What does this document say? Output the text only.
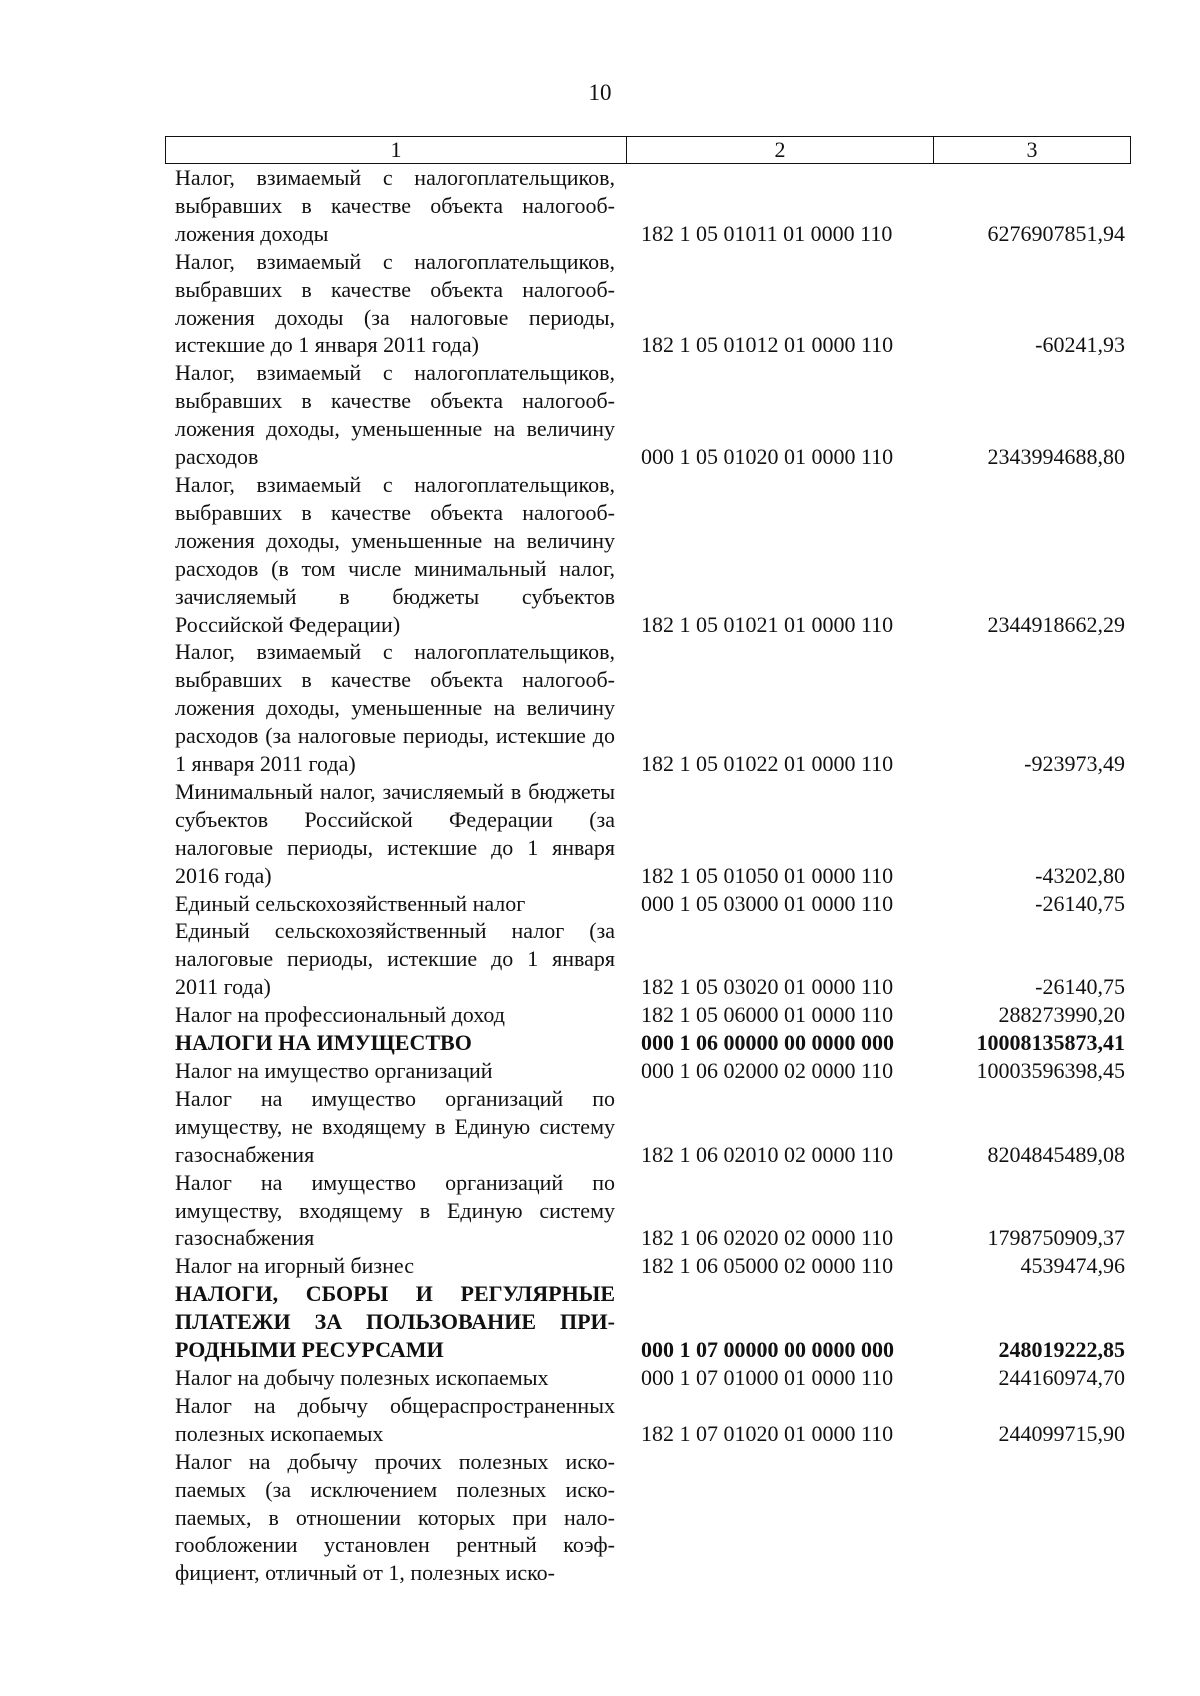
10
1	2	3
Налог, взимаемый с налогоплательщиков, выбравших в качестве объекта налогообложения доходы	182 1 05 01011 01 0000 110	6276907851,94
Налог, взимаемый с налогоплательщиков, выбравших в качестве объекта налогообложения доходы (за налоговые периоды, истекшие до 1 января 2011 года)	182 1 05 01012 01 0000 110	-60241,93
Налог, взимаемый с налогоплательщиков, выбравших в качестве объекта налогообложения доходы, уменьшенные на величину расходов	000 1 05 01020 01 0000 110	2343994688,80
Налог, взимаемый с налогоплательщиков, выбравших в качестве объекта налогообложения доходы, уменьшенные на величину расходов (в том числе минимальный налог, зачисляемый в бюджеты субъектов Российской Федерации)	182 1 05 01021 01 0000 110	2344918662,29
Налог, взимаемый с налогоплательщиков, выбравших в качестве объекта налогообложения доходы, уменьшенные на величину расходов (за налоговые периоды, истекшие до 1 января 2011 года)	182 1 05 01022 01 0000 110	-923973,49
Минимальный налог, зачисляемый в бюджеты субъектов Российской Федерации (за налоговые периоды, истекшие до 1 января 2016 года)	182 1 05 01050 01 0000 110	-43202,80
Единый сельскохозяйственный налог	000 1 05 03000 01 0000 110	-26140,75
Единый сельскохозяйственный налог (за налоговые периоды, истекшие до 1 января 2011 года)	182 1 05 03020 01 0000 110	-26140,75
Налог на профессиональный доход	182 1 05 06000 01 0000 110	288273990,20
НАЛОГИ НА ИМУЩЕСТВО	000 1 06 00000 00 0000 000	10008135873,41
Налог на имущество организаций	000 1 06 02000 02 0000 110	10003596398,45
Налог на имущество организаций по имуществу, не входящему в Единую систему газоснабжения	182 1 06 02010 02 0000 110	8204845489,08
Налог на имущество организаций по имуществу, входящему в Единую систему газоснабжения	182 1 06 02020 02 0000 110	1798750909,37
Налог на игорный бизнес	182 1 06 05000 02 0000 110	4539474,96
НАЛОГИ, СБОРЫ И РЕГУЛЯРНЫЕ ПЛАТЕЖИ ЗА ПОЛЬЗОВАНИЕ ПРИРОДНЫМИ РЕСУРСАМИ	000 1 07 00000 00 0000 000	248019222,85
Налог на добычу полезных ископаемых	000 1 07 01000 01 0000 110	244160974,70
Налог на добычу общераспространенных полезных ископаемых	182 1 07 01020 01 0000 110	244099715,90
Налог на добычу прочих полезных ископаемых (за исключением полезных ископаемых, в отношении которых при налогообложении установлен рентный коэффициент, отличный от 1, полезных иско-
